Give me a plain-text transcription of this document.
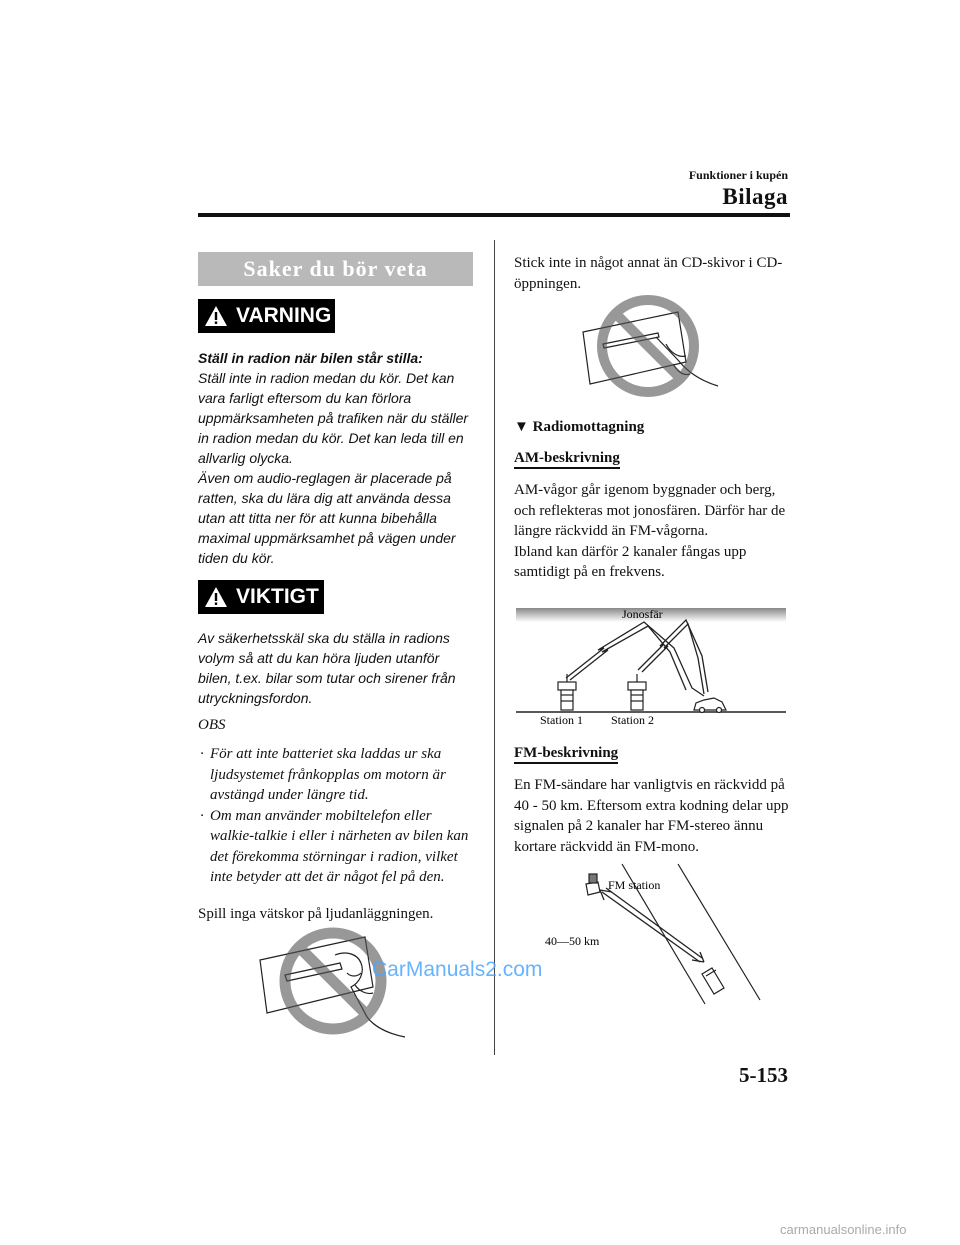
Funktioner i kupén
Bilaga
Saker du bör veta
VARNING
Ställ in radion när bilen står stilla:
Ställ inte in radion medan du kör. Det kan vara farligt eftersom du kan förlora uppmärksamheten på trafiken när du ställer in radion medan du kör. Det kan leda till en allvarlig olycka.
Även om audio-reglagen är placerade på ratten, ska du lära dig att använda dessa utan att titta ner för att kunna bibehålla maximal uppmärksamhet på vägen under tiden du kör.
VIKTIGT
Av säkerhetsskäl ska du ställa in radions volym så att du kan höra ljuden utanför bilen, t.ex. bilar som tutar och sirener från utryckningsfordon.
OBS
· För att inte batteriet ska laddas ur ska ljudsystemet frånkopplas om motorn är avstängd under längre tid.
· Om man använder mobiltelefon eller walkie-talkie i eller i närheten av bilen kan det förekomma störningar i radion, vilket inte betyder att det är något fel på den.
Spill inga vätskor på ljudanläggningen.
CarManuals2.com
Stick inte in något annat än CD-skivor i CD-öppningen.
▼ Radiomottagning
AM-beskrivning
AM-vågor går igenom byggnader och berg, och reflekteras mot jonosfären. Därför har de längre räckvidd än FM-vågorna.
Ibland kan därför 2 kanaler fångas upp samtidigt på en frekvens.
Jonosfär
Station 1 Station 2
FM-beskrivning
En FM-sändare har vanligtvis en räckvidd på 40 - 50 km. Eftersom extra kodning delar upp signalen på 2 kanaler har FM-stereo ännu kortare räckvidd än FM-mono.
FM station
40—50 km
5-153
carmanualsonline.info
